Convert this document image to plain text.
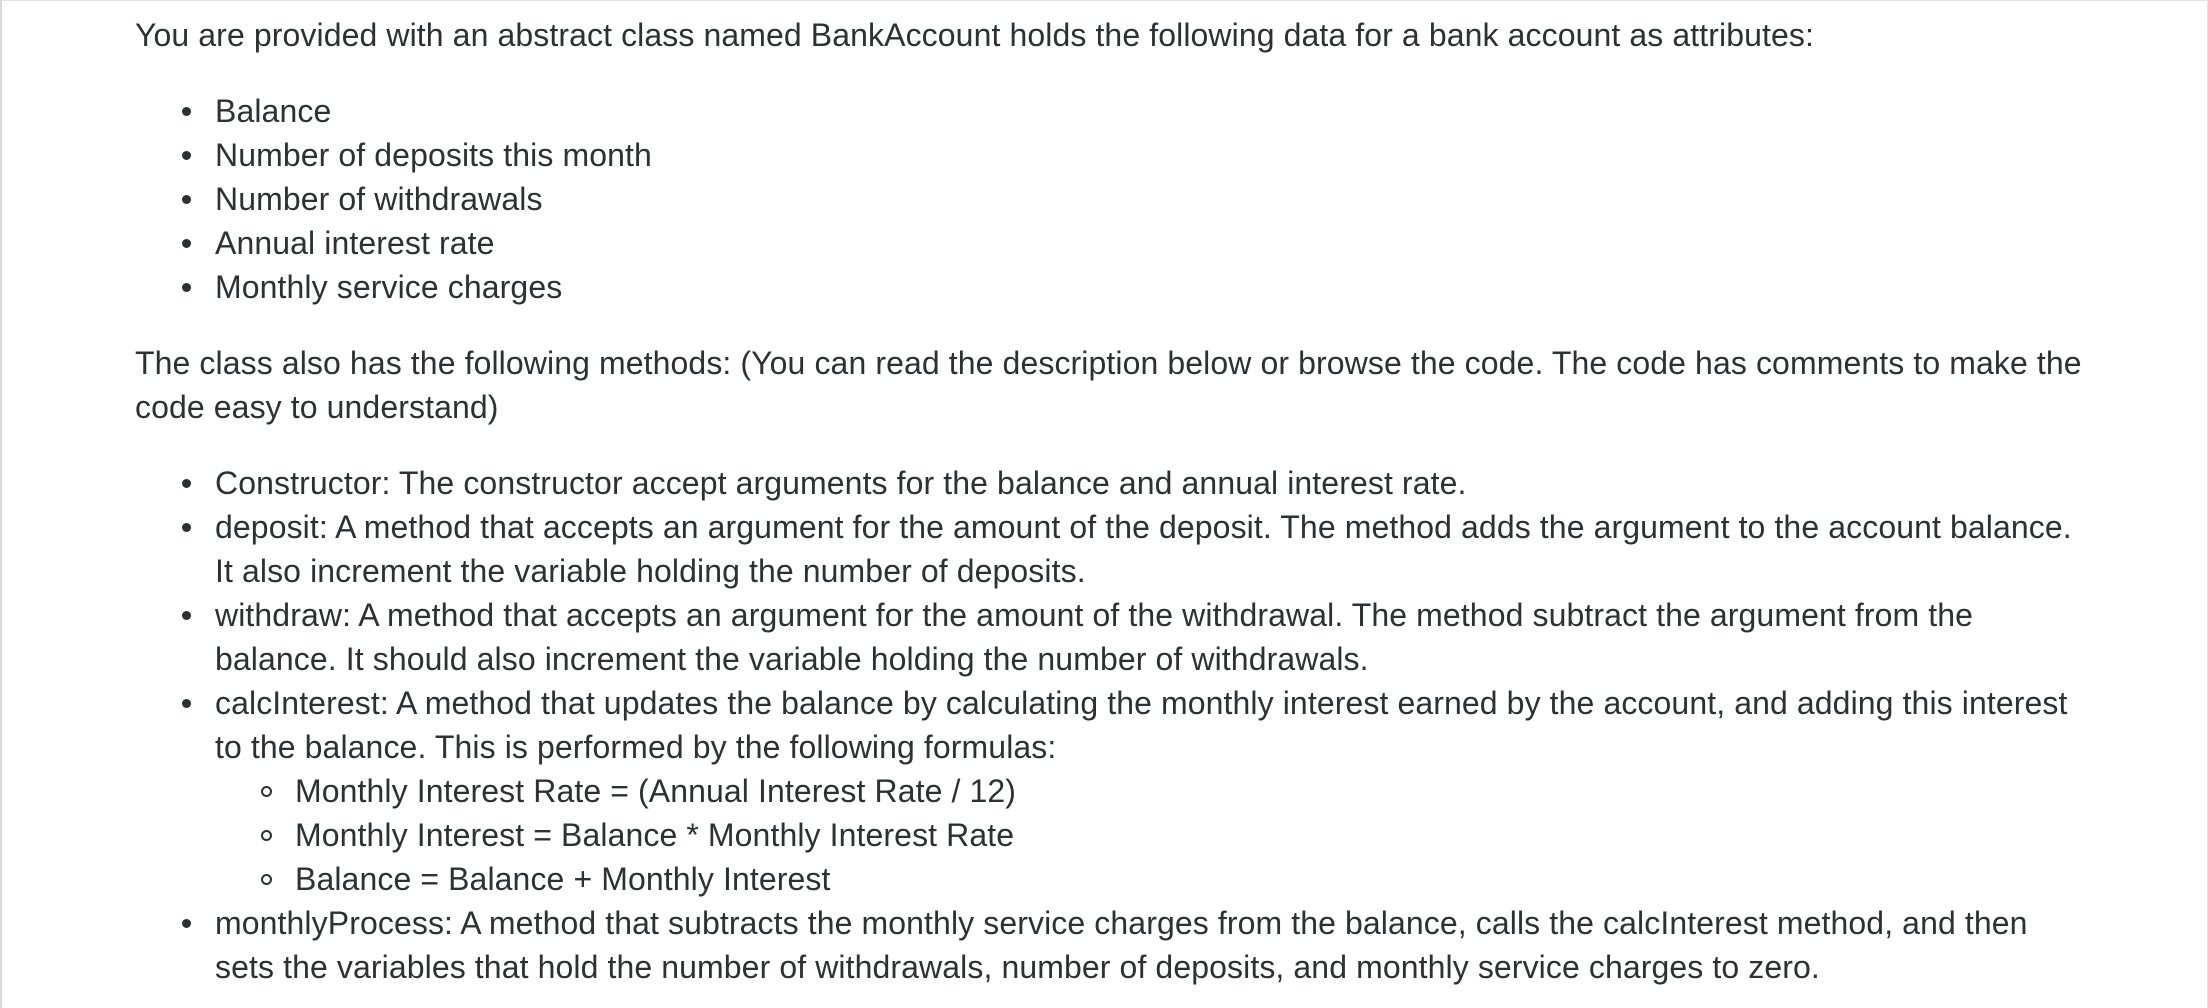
You are provided with an abstract class named BankAccount holds the following data for a bank account as attributes:

Balance
Number of deposits this month
Number of withdrawals
Annual interest rate
Monthly service charges

The class also has the following methods: (You can read the description below or browse the code. The code has comments to make the code easy to understand)

Constructor: The constructor accept arguments for the balance and annual interest rate.
deposit: A method that accepts an argument for the amount of the deposit. The method adds the argument to the account balance. It also increment the variable holding the number of deposits.
withdraw: A method that accepts an argument for the amount of the withdrawal. The method subtract the argument from the balance. It should also increment the variable holding the number of withdrawals.
calcInterest: A method that updates the balance by calculating the monthly interest earned by the account, and adding this interest to the balance. This is performed by the following formulas:
Monthly Interest Rate = (Annual Interest Rate / 12)
Monthly Interest = Balance * Monthly Interest Rate
Balance = Balance + Monthly Interest
monthlyProcess: A method that subtracts the monthly service charges from the balance, calls the calcInterest method, and then sets the variables that hold the number of withdrawals, number of deposits, and monthly service charges to zero.
